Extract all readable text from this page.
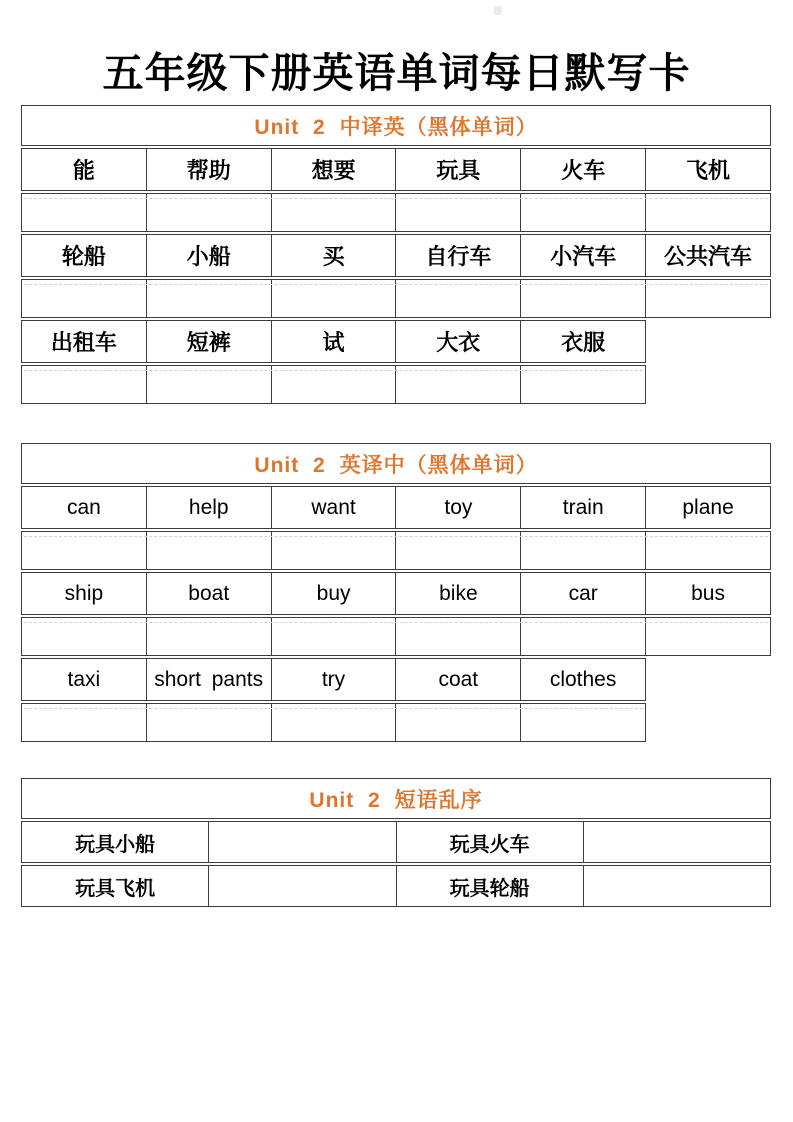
五年级下册英语单词每日默写卡
Unit 2 中译英（黑体单词）
能	帮助	想要	玩具	火车	飞机
轮船	小船	买	自行车	小汽车	公共汽车
出租车	短裤	试	大衣	衣服
Unit 2 英译中（黑体单词）
can	help	want	toy	train	plane
ship	boat	buy	bike	car	bus
taxi	short pants	try	coat	clothes
Unit 2 短语乱序
玩具小船	玩具火车
玩具飞机	玩具轮船
